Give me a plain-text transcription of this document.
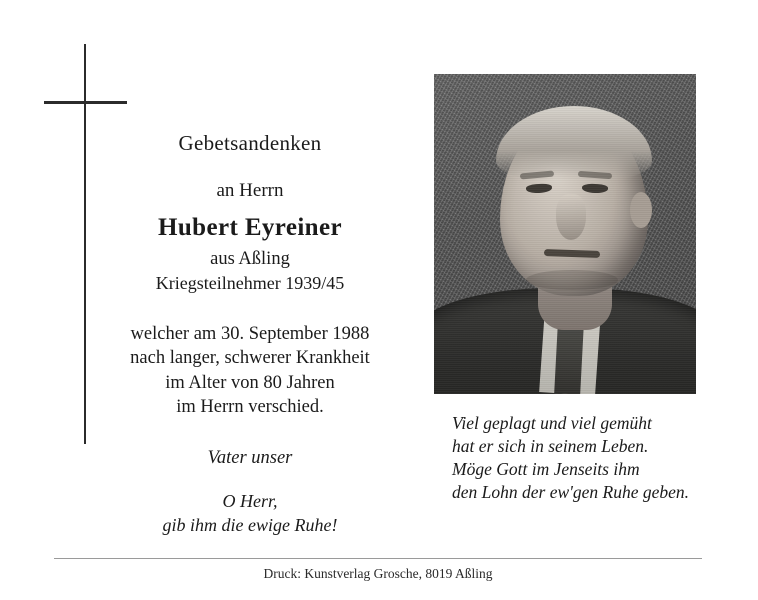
Gebetsandenken
an Herrn
Hubert Eyreiner
aus Aßling
Kriegsteilnehmer 1939/45
welcher am 30. September 1988
nach langer, schwerer Krankheit
im Alter von 80 Jahren
im Herrn verschied.
Vater unser
O Herr,
gib ihm die ewige Ruhe!
Viel geplagt und viel gemüht
hat er sich in seinem Leben.
Möge Gott im Jenseits ihm
den Lohn der ew'gen Ruhe geben.
Druck: Kunstverlag Grosche, 8019 Aßling
